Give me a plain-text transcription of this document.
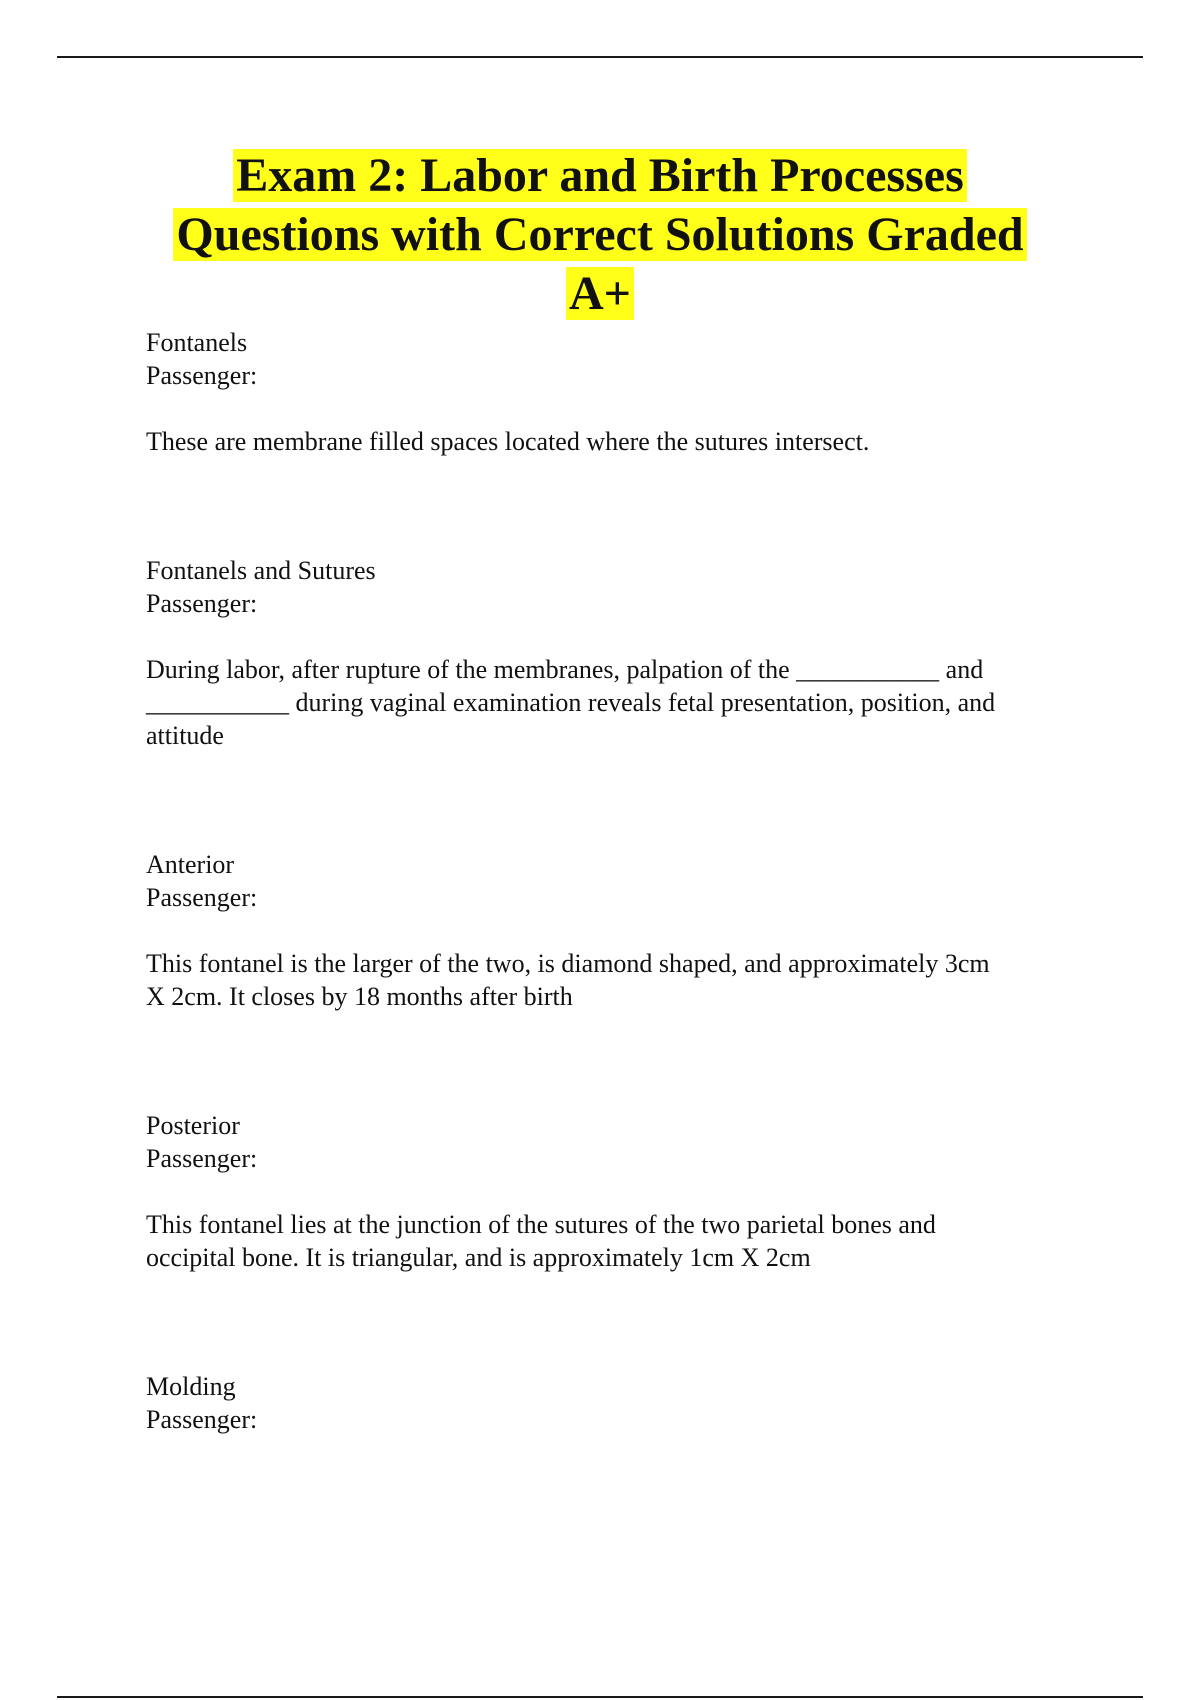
Exam 2: Labor and Birth Processes
Questions with Correct Solutions Graded
A+
Fontanels
Passenger:
These are membrane filled spaces located where the sutures intersect.
Fontanels and Sutures
Passenger:
During labor, after rupture of the membranes, palpation of the ___________ and
___________ during vaginal examination reveals fetal presentation, position, and
attitude
Anterior
Passenger:
This fontanel is the larger of the two, is diamond shaped, and approximately 3cm
X 2cm. It closes by 18 months after birth
Posterior
Passenger:
This fontanel lies at the junction of the sutures of the two parietal bones and
occipital bone. It is triangular, and is approximately 1cm X 2cm
Molding
Passenger:
